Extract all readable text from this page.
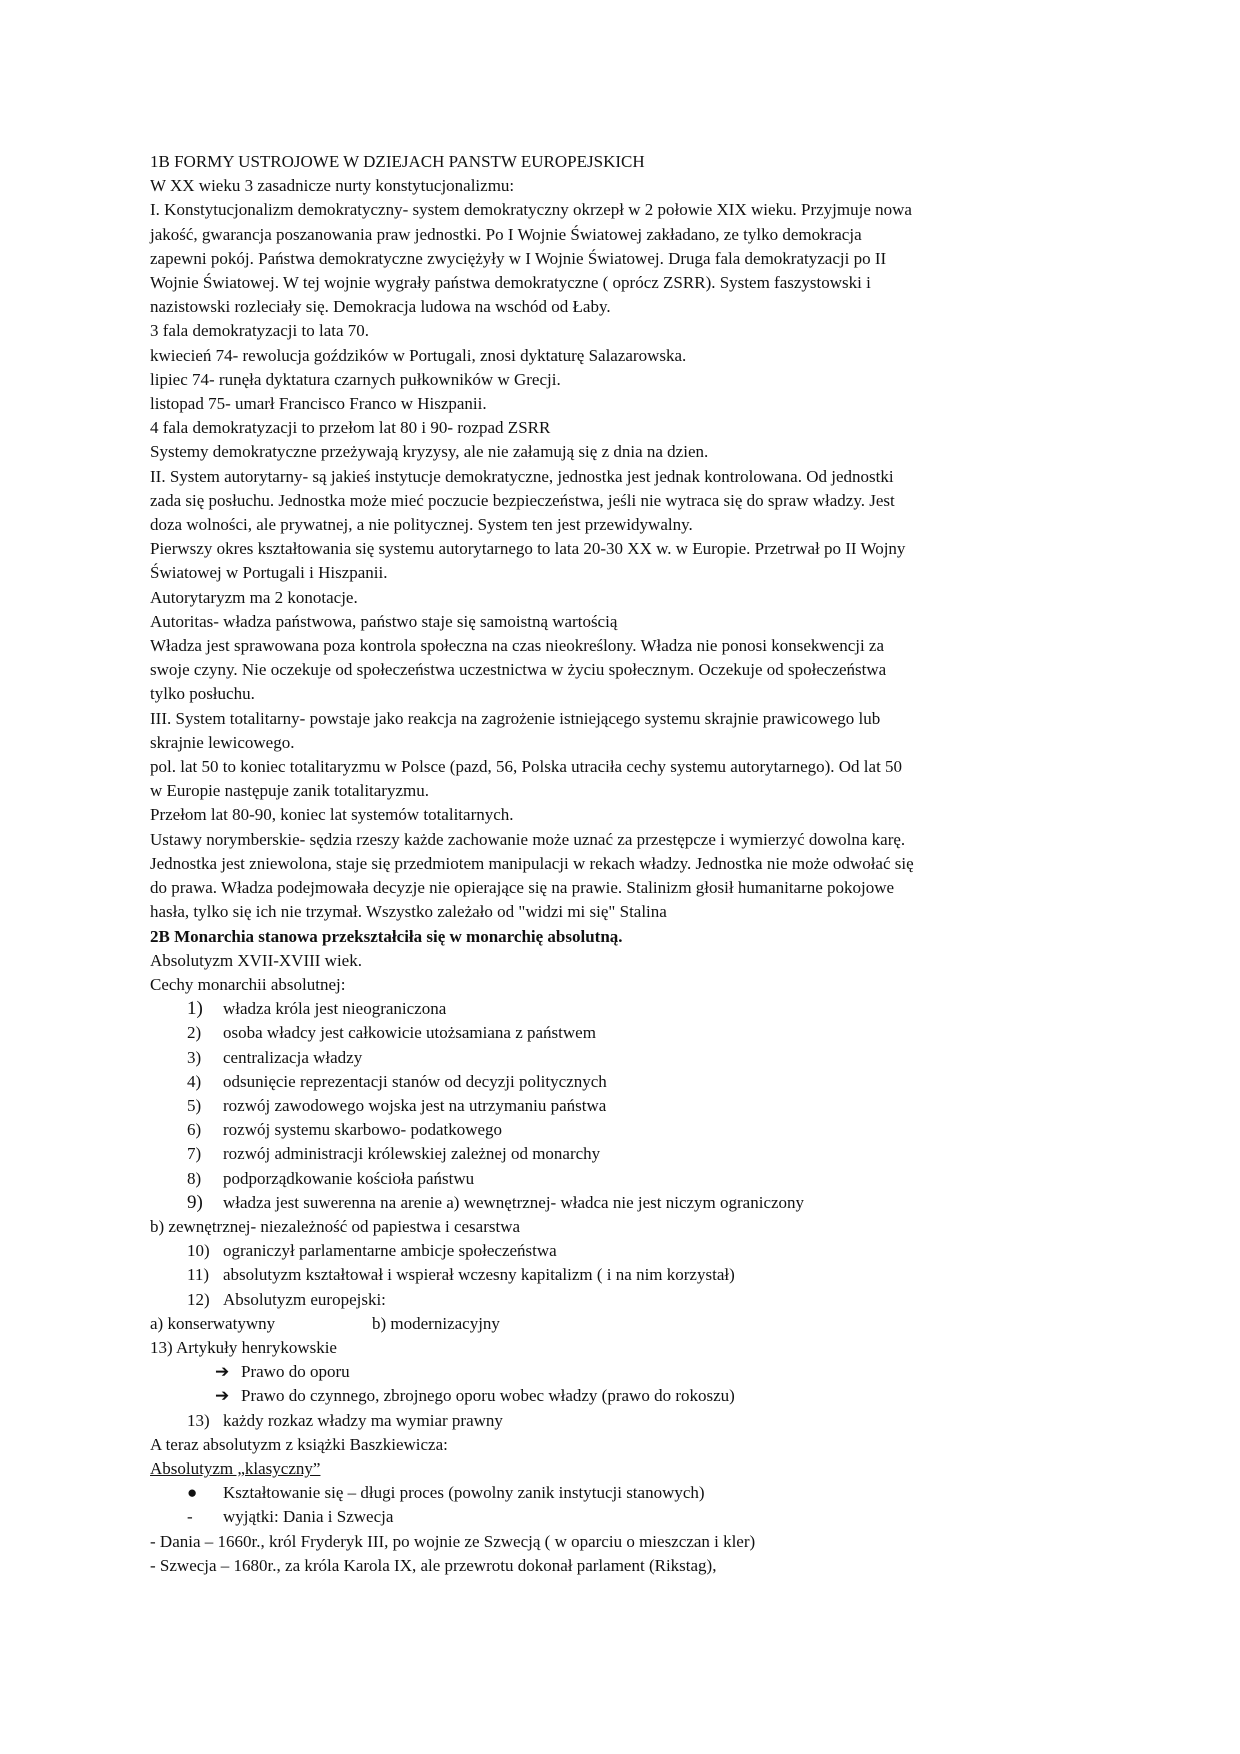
1B FORMY USTROJOWE W DZIEJACH PANSTW EUROPEJSKICH
W XX wieku 3 zasadnicze nurty konstytucjonalizmu:
I. Konstytucjonalizm demokratyczny- system demokratyczny okrzepł w 2 połowie XIX wieku. Przyjmuje nowa
jakość, gwarancja poszanowania praw jednostki. Po I Wojnie Światowej zakładano, ze tylko demokracja
zapewni pokój. Państwa demokratyczne zwyciężyły w I Wojnie Światowej. Druga fala demokratyzacji po II
Wojnie Światowej. W tej wojnie wygrały państwa demokratyczne ( oprócz ZSRR). System faszystowski i
nazistowski rozleciały się. Demokracja ludowa na wschód od Łaby.
3 fala demokratyzacji to lata 70.
kwiecień 74- rewolucja goździków w Portugali, znosi dyktaturę Salazarowska.
lipiec 74- runęła dyktatura czarnych pułkowników w Grecji.
listopad 75- umarł Francisco Franco w Hiszpanii.
4 fala demokratyzacji to przełom lat 80 i 90- rozpad ZSRR
Systemy demokratyczne przeżywają kryzysy, ale nie załamują się z dnia na dzien.
II. System autorytarny- są jakieś instytucje demokratyczne, jednostka jest jednak kontrolowana. Od jednostki
zada się posłuchu. Jednostka może mieć poczucie bezpieczeństwa, jeśli nie wytraca się do spraw władzy. Jest
doza wolności, ale prywatnej, a nie politycznej. System ten jest przewidywalny.
Pierwszy okres kształtowania się systemu autorytarnego to lata 20-30 XX w. w Europie. Przetrwał po II Wojny
Światowej w Portugali i Hiszpanii.
Autorytaryzm ma 2 konotacje.
Autoritas- władza państwowa, państwo staje się samoistną wartością
Władza jest sprawowana poza kontrola społeczna na czas nieokreślony. Władza nie ponosi konsekwencji za
swoje czyny. Nie oczekuje od społeczeństwa uczestnictwa w życiu społecznym. Oczekuje od społeczeństwa
tylko posłuchu.
III. System totalitarny- powstaje jako reakcja na zagrożenie istniejącego systemu skrajnie prawicowego lub
skrajnie lewicowego.
pol. lat 50 to koniec totalitaryzmu w Polsce (pazd, 56, Polska utraciła cechy systemu autorytarnego). Od lat 50
w Europie następuje zanik totalitaryzmu.
Przełom lat 80-90, koniec lat systemów totalitarnych.
Ustawy norymberskie- sędzia rzeszy każde zachowanie może uznać za przestępcze i wymierzyć dowolna karę.
Jednostka jest zniewolona, staje się przedmiotem manipulacji w rekach władzy. Jednostka nie może odwołać się
do prawa. Władza podejmowała decyzje nie opierające się na prawie. Stalinizm głosił humanitarne pokojowe
hasła, tylko się ich nie trzymał. Wszystko zależało od "widzi mi się" Stalina
2B Monarchia stanowa przekształciła się w monarchię absolutną.
Absolutyzm XVII-XVIII wiek.
Cechy monarchii absolutnej:
1)	władza króla jest nieograniczona
2)	osoba władcy jest całkowicie utożsamiana z państwem
3)	centralizacja władzy
4)	odsunięcie reprezentacji stanów od decyzji politycznych
5)	rozwój zawodowego wojska jest na utrzymaniu państwa
6)	rozwój systemu skarbowo- podatkowego
7)	rozwój administracji królewskiej zależnej od monarchy
8)	podporządkowanie kościoła państwu
9)	władza jest suwerenna na arenie a) wewnętrznej- władca nie jest niczym ograniczony
b) zewnętrznej- niezależność od papiestwa i cesarstwa
10) ograniczył parlamentarne ambicje społeczeństwa
11) absolutyzm kształtował i wspierał wczesny kapitalizm ( i na nim korzystał)
12) Absolutyzm europejski:
a) konserwatywny	b) modernizacyjny
13) Artykuły henrykowskie
➔ Prawo do oporu
➔ Prawo do czynnego, zbrojnego oporu wobec władzy (prawo do rokoszu)
13) każdy rozkaz władzy ma wymiar prawny
A teraz absolutyzm z książki Baszkiewicza:
Absolutyzm „klasyczny”
●	Kształtowanie się – długi proces (powolny zanik instytucji stanowych)
-	wyjątki: Dania i Szwecja
- Dania – 1660r., król Fryderyk III, po wojnie ze Szwecją ( w oparciu o mieszczan i kler)
- Szwecja – 1680r., za króla Karola IX, ale przewrotu dokonał parlament (Rikstag),
